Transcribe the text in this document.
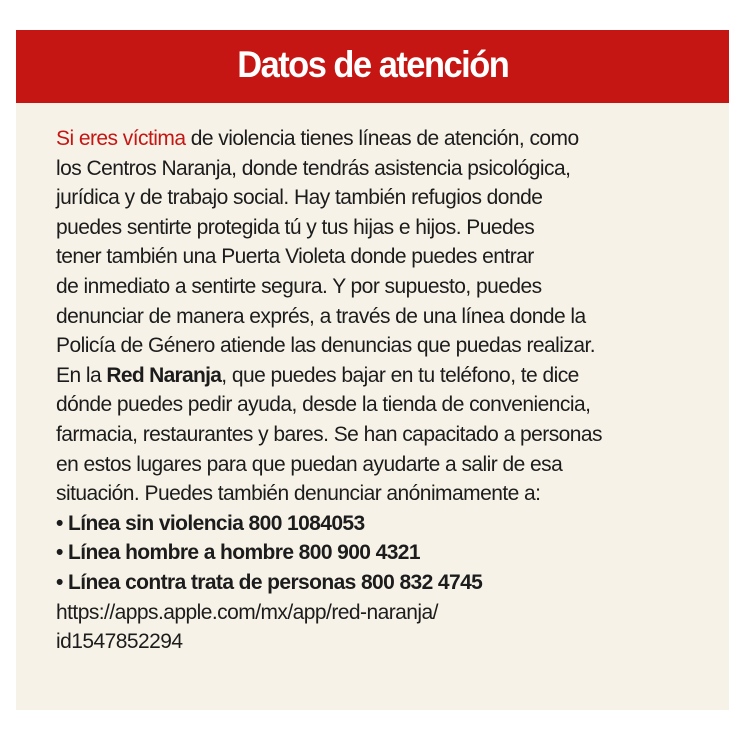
Datos de atención
Si eres víctima de violencia tienes líneas de atención, como
los Centros Naranja, donde tendrás asistencia psicológica,
jurídica y de trabajo social. Hay también refugios donde
puedes sentirte protegida tú y tus hijas e hijos. Puedes
tener también una Puerta Violeta donde puedes entrar
de inmediato a sentirte segura. Y por supuesto, puedes
denunciar de manera exprés, a través de una línea donde la
Policía de Género atiende las denuncias que puedas realizar.
En la Red Naranja, que puedes bajar en tu teléfono, te dice
dónde puedes pedir ayuda, desde la tienda de conveniencia,
farmacia, restaurantes y bares. Se han capacitado a personas
en estos lugares para que puedan ayudarte a salir de esa
situación. Puedes también denunciar anónimamente a:
• Línea sin violencia 800 1084053
• Línea hombre a hombre 800 900 4321
• Línea contra trata de personas 800 832 4745
https://apps.apple.com/mx/app/red-naranja/
id1547852294
